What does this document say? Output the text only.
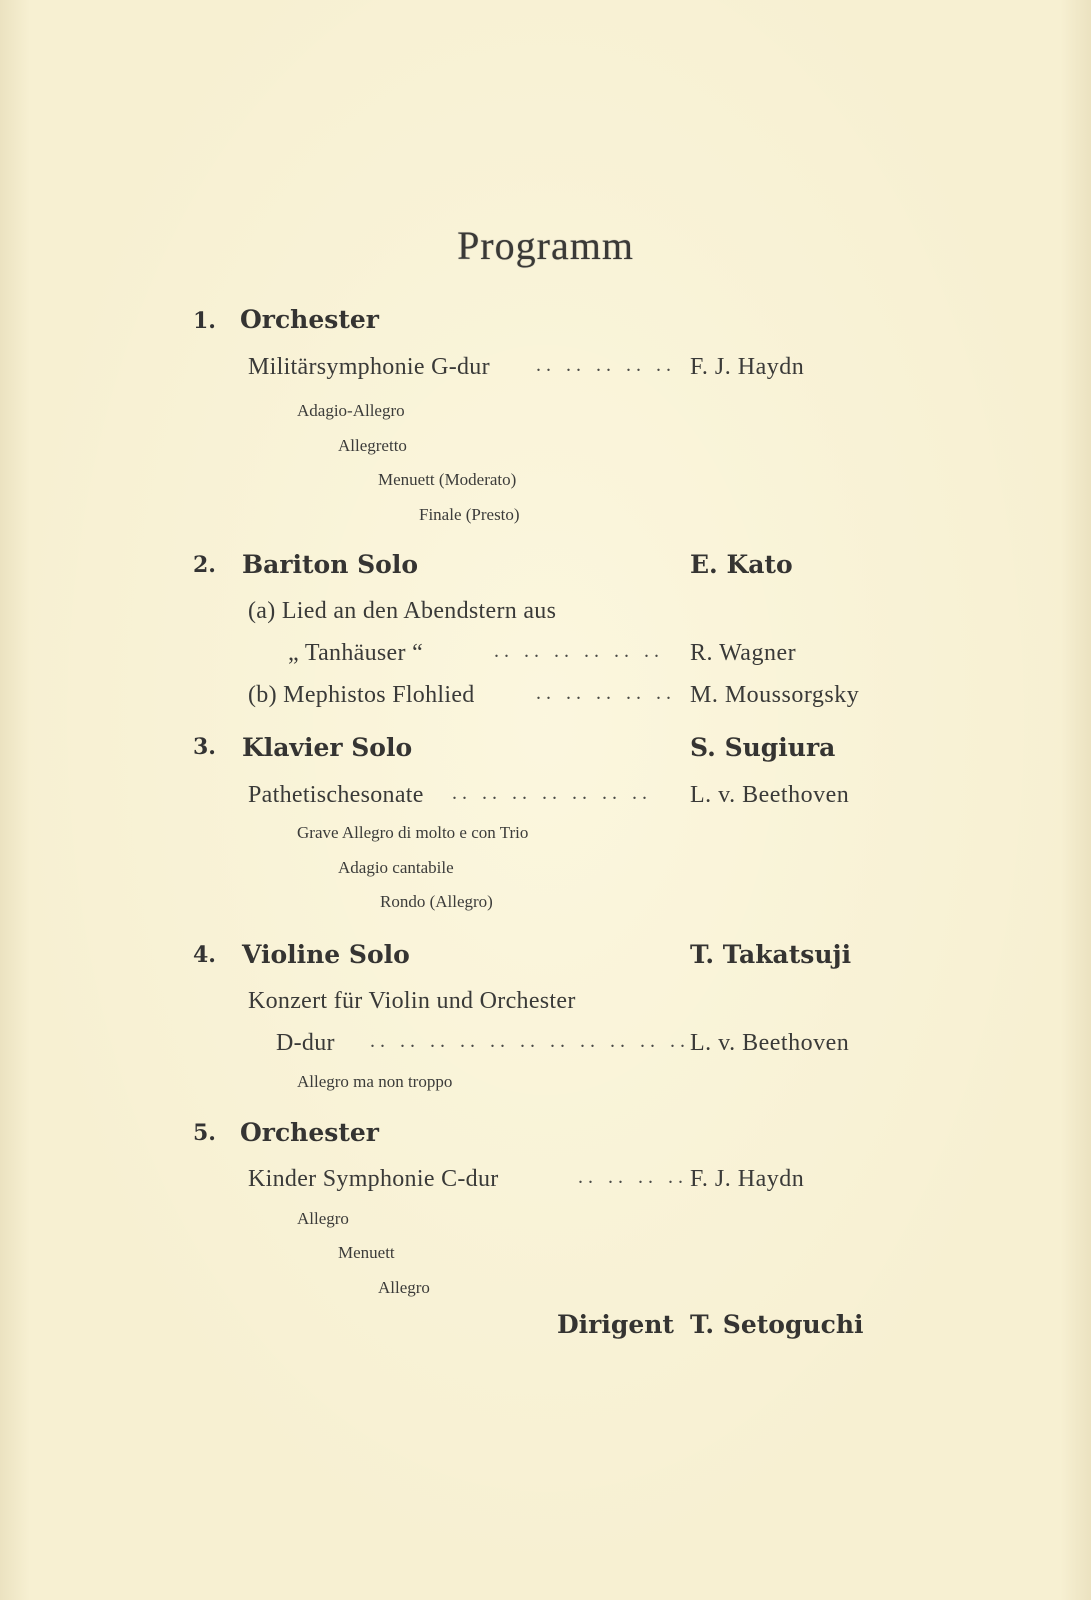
Programm
1. Orchester
Militärsymphonie G-dur .. .. .. .. .. F. J. Haydn
Adagio-Allegro
Allegretto
Menuett (Moderato)
Finale (Presto)
2. Bariton Solo	E. Kato
(a) Lied an den Abendstern aus
„ Tanhäuser “	.. .. .. .. .. .. R. Wagner
(b) Mephistos Flohlied	.. .. .. .. .. M. Moussorgsky
3. Klavier Solo	S. Sugiura
Pathetischesonate .. .. .. .. .. .. .. L. v. Beethoven
Grave Allegro di molto e con Trio
Adagio cantabile
Rondo (Allegro)
4. Violine Solo	T. Takatsuji
Konzert für Violin und Orchester
D-dur .. .. .. .. .. .. .. .. .. .. .. L. v. Beethoven
Allegro ma non troppo
5. Orchester
Kinder Symphonie C-dur	.. .. .. .. F. J. Haydn
Allegro
Menuett
Allegro
Dirigent T. Setoguchi
